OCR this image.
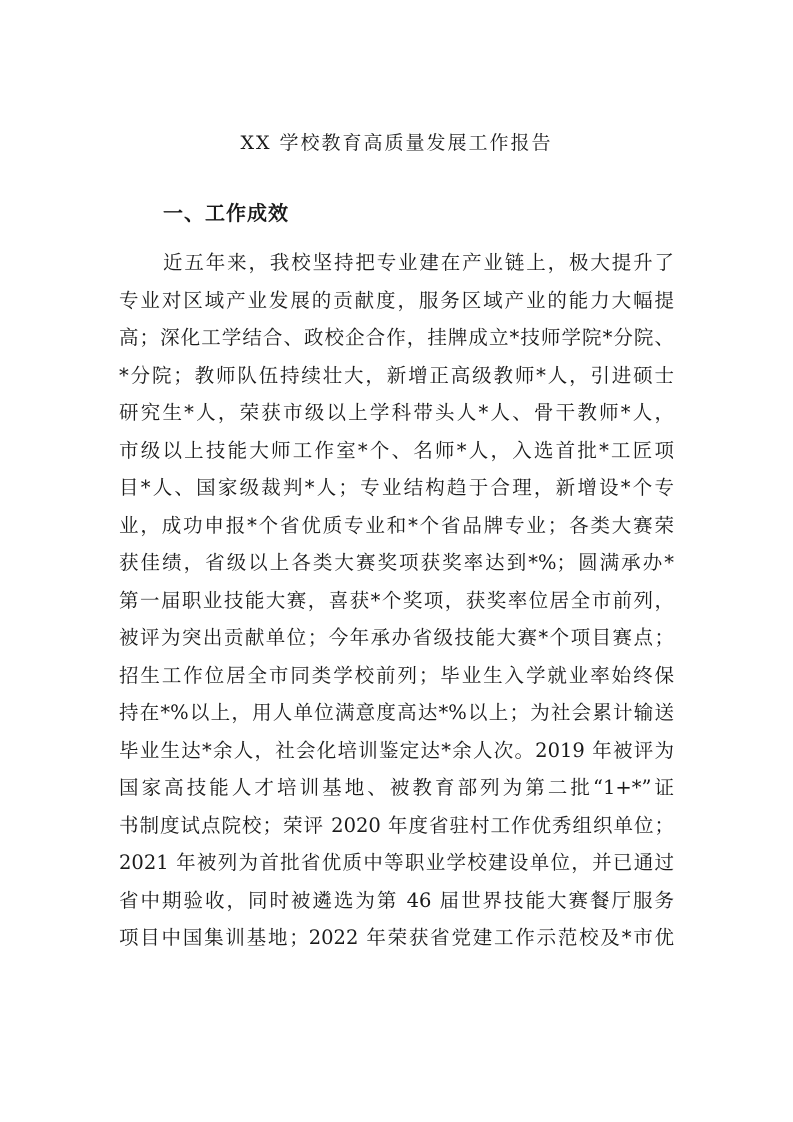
XX 学校教育高质量发展工作报告
一、工作成效
近五年来，我校坚持把专业建在产业链上，极大提升了
专业对区域产业发展的贡献度，服务区域产业的能力大幅提
高；深化工学结合、政校企合作，挂牌成立*技师学院*分院、
*分院；教师队伍持续壮大，新增正高级教师*人，引进硕士
研究生*人，荣获市级以上学科带头人*人、骨干教师*人，
市级以上技能大师工作室*个、名师*人，入选首批*工匠项
目*人、国家级裁判*人；专业结构趋于合理，新增设*个专
业，成功申报*个省优质专业和*个省品牌专业；各类大赛荣
获佳绩，省级以上各类大赛奖项获奖率达到*%；圆满承办*
第一届职业技能大赛，喜获*个奖项，获奖率位居全市前列，
被评为突出贡献单位；今年承办省级技能大赛*个项目赛点；
招生工作位居全市同类学校前列；毕业生入学就业率始终保
持在*%以上，用人单位满意度高达*%以上；为社会累计输送
毕业生达*余人，社会化培训鉴定达*余人次。2019 年被评为
国家高技能人才培训基地、被教育部列为第二批“1+*”证
书制度试点院校；荣评 2020 年度省驻村工作优秀组织单位；
2021 年被列为首批省优质中等职业学校建设单位，并已通过
省中期验收，同时被遴选为第 46 届世界技能大赛餐厅服务
项目中国集训基地；2022 年荣获省党建工作示范校及*市优
